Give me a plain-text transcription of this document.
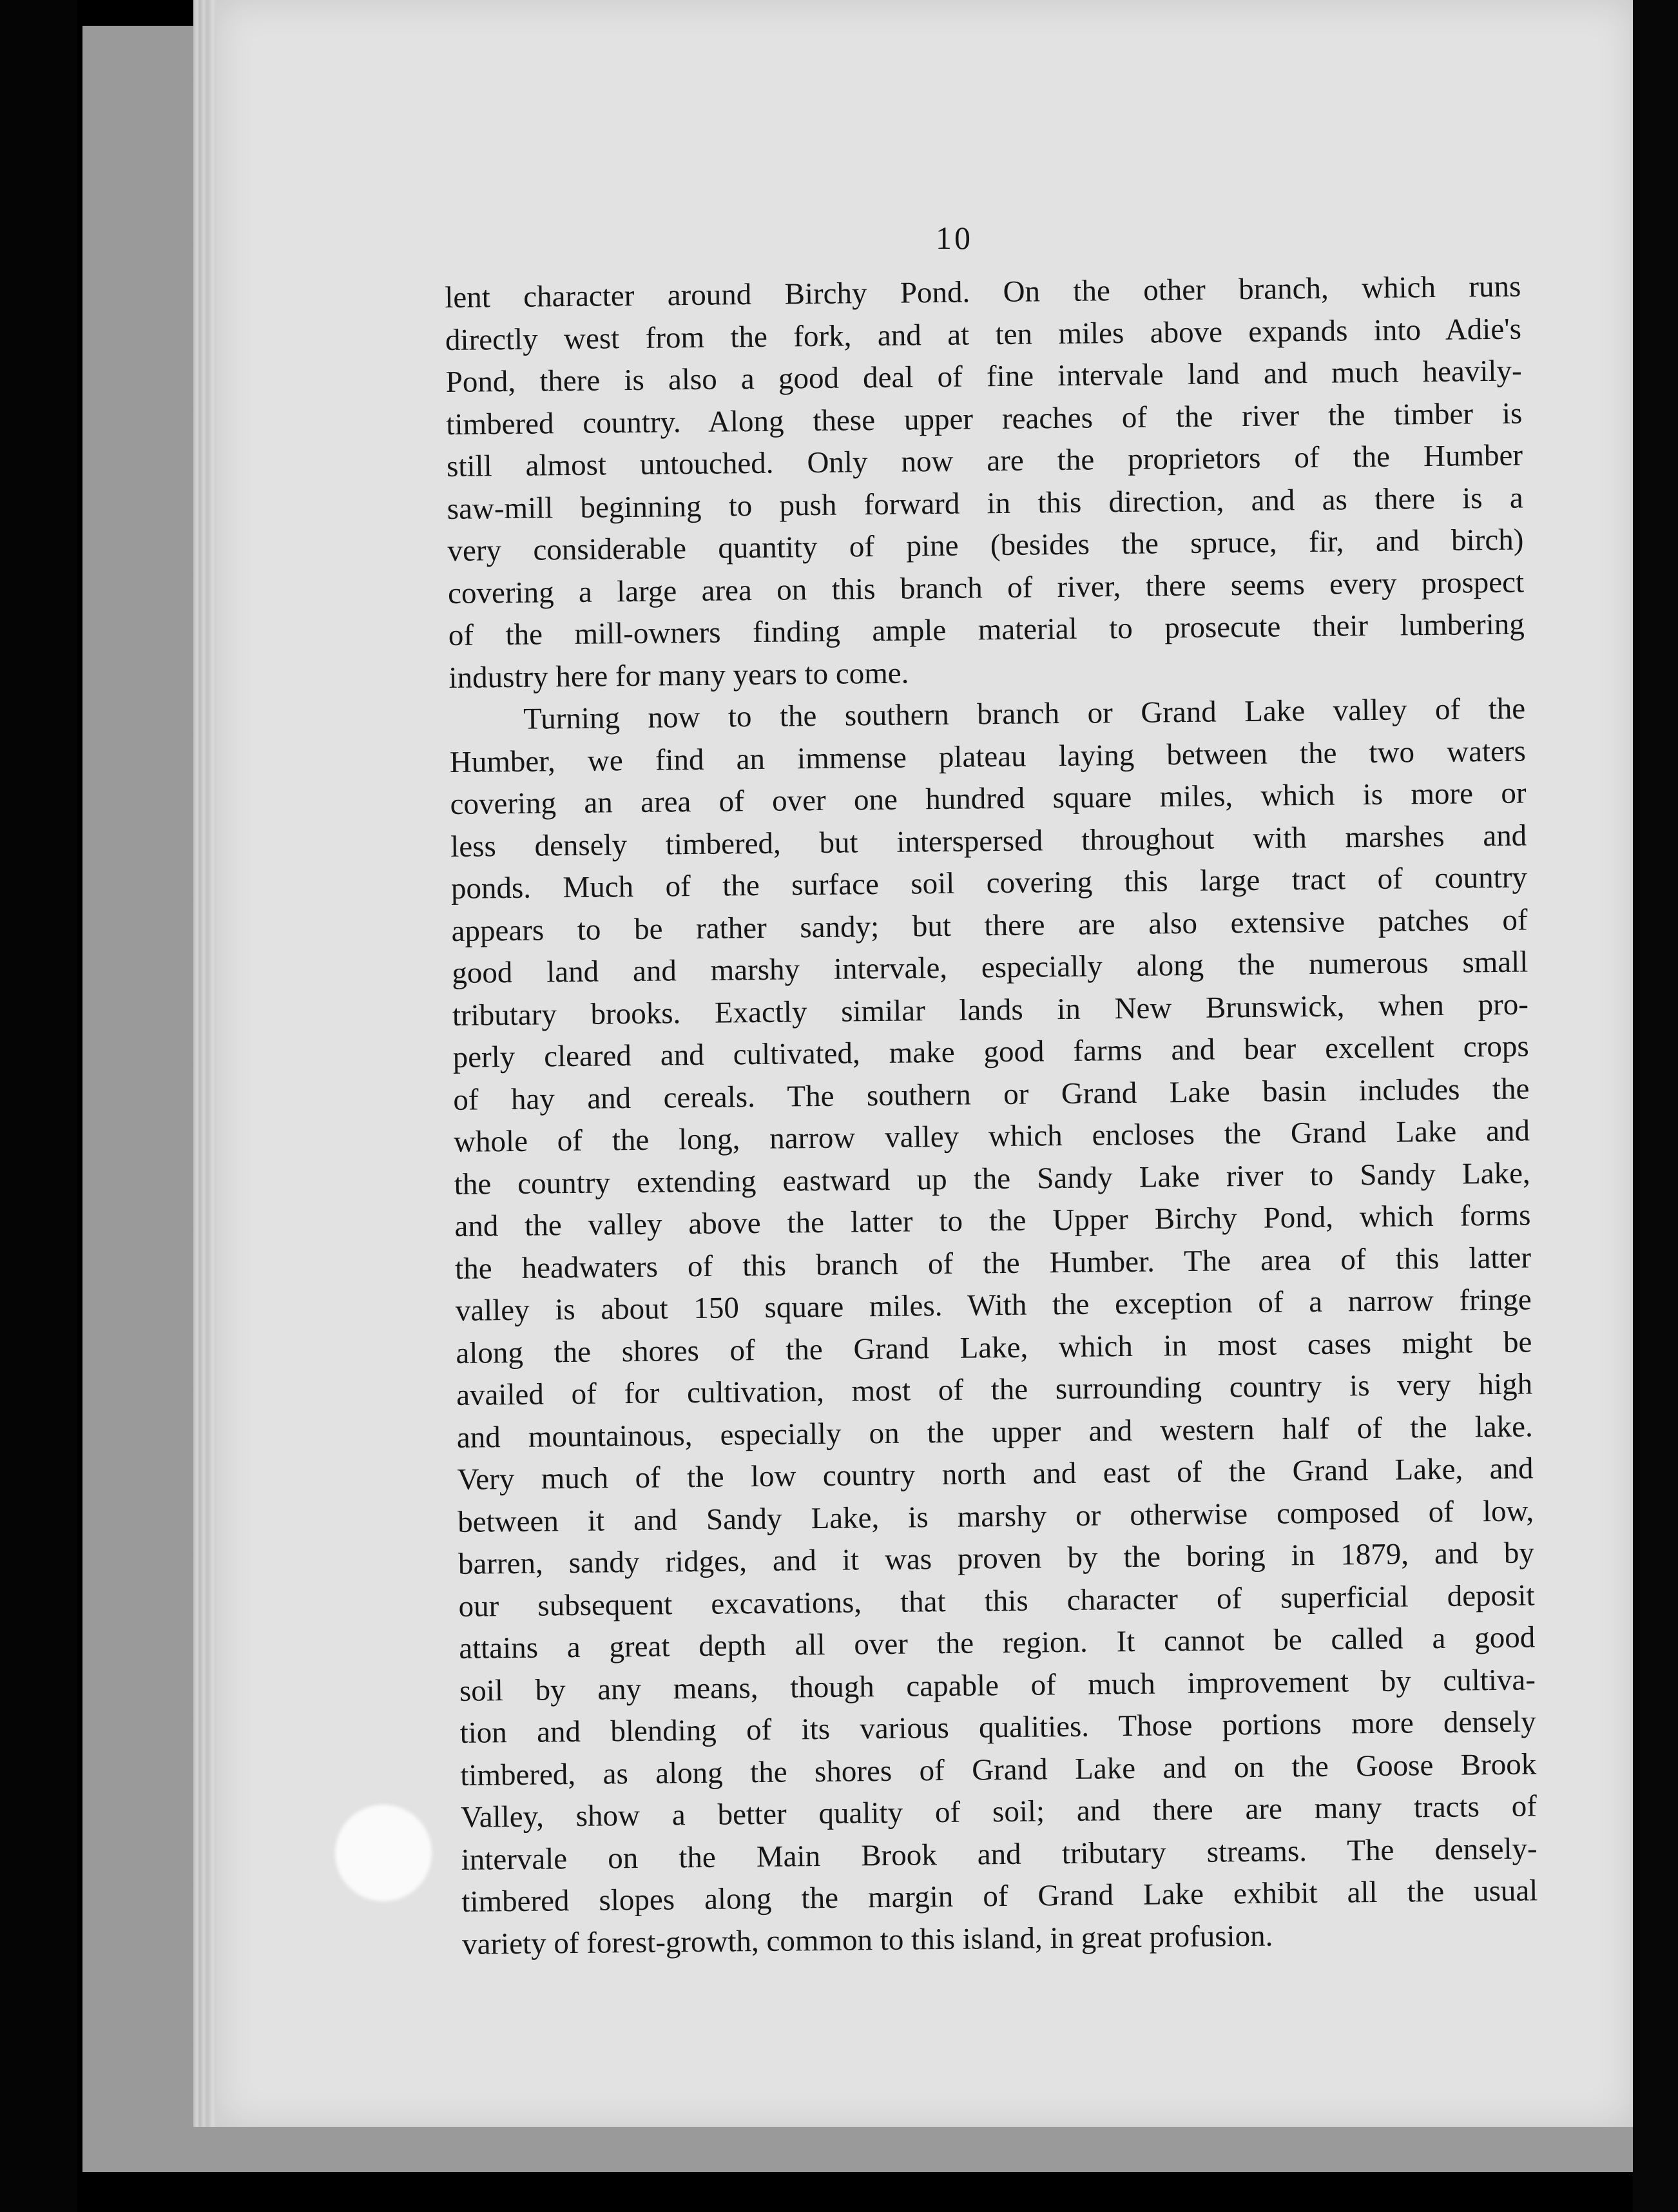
10
lent character around Birchy Pond. On the other branch, which runs
directly west from the fork, and at ten miles above expands into Adie's
Pond, there is also a good deal of fine intervale land and much heavily-
timbered country. Along these upper reaches of the river the timber is
still almost untouched. Only now are the proprietors of the Humber
saw-mill beginning to push forward in this direction, and as there is a
very considerable quantity of pine (besides the spruce, fir, and birch)
covering a large area on this branch of river, there seems every prospect
of the mill-owners finding ample material to prosecute their lumbering
industry here for many years to come.
Turning now to the southern branch or Grand Lake valley of the
Humber, we find an immense plateau laying between the two waters
covering an area of over one hundred square miles, which is more or
less densely timbered, but interspersed throughout with marshes and
ponds. Much of the surface soil covering this large tract of country
appears to be rather sandy; but there are also extensive patches of
good land and marshy intervale, especially along the numerous small
tributary brooks. Exactly similar lands in New Brunswick, when pro-
perly cleared and cultivated, make good farms and bear excellent crops
of hay and cereals. The southern or Grand Lake basin includes the
whole of the long, narrow valley which encloses the Grand Lake and
the country extending eastward up the Sandy Lake river to Sandy Lake,
and the valley above the latter to the Upper Birchy Pond, which forms
the headwaters of this branch of the Humber. The area of this latter
valley is about 150 square miles. With the exception of a narrow fringe
along the shores of the Grand Lake, which in most cases might be
availed of for cultivation, most of the surrounding country is very high
and mountainous, especially on the upper and western half of the lake.
Very much of the low country north and east of the Grand Lake, and
between it and Sandy Lake, is marshy or otherwise composed of low,
barren, sandy ridges, and it was proven by the boring in 1879, and by
our subsequent excavations, that this character of superficial deposit
attains a great depth all over the region. It cannot be called a good
soil by any means, though capable of much improvement by cultiva-
tion and blending of its various qualities. Those portions more densely
timbered, as along the shores of Grand Lake and on the Goose Brook
Valley, show a better quality of soil; and there are many tracts of
intervale on the Main Brook and tributary streams. The densely-
timbered slopes along the margin of Grand Lake exhibit all the usual
variety of forest-growth, common to this island, in great profusion.
